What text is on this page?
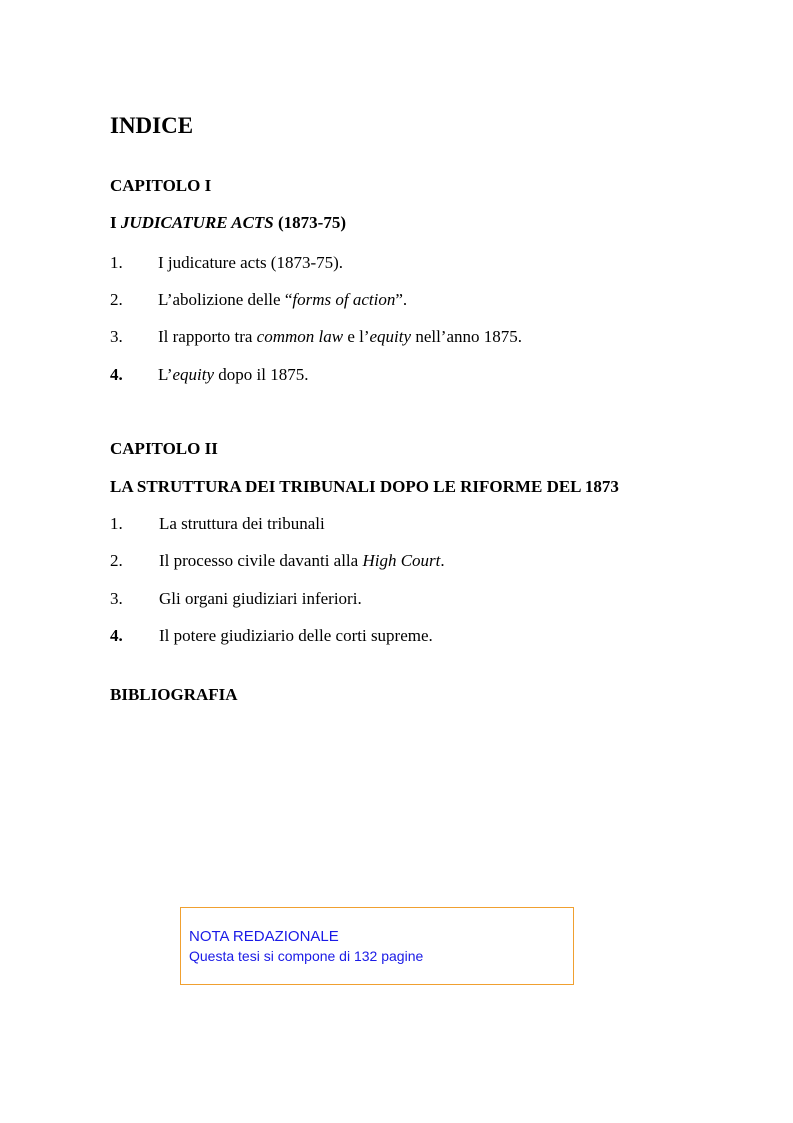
INDICE
CAPITOLO I
I JUDICATURE ACTS (1873-75)
1.	I judicature acts (1873-75).
2.	L’abolizione delle “forms of action”.
3.	Il rapporto tra common law e l’equity nell’anno 1875.
4.	L’equity dopo il 1875.
CAPITOLO II
LA STRUTTURA DEI TRIBUNALI DOPO LE RIFORME DEL 1873
1.	La struttura dei tribunali
2.	Il processo civile davanti alla High Court.
3.	Gli organi giudiziari inferiori.
4.	Il potere giudiziario delle corti supreme.
BIBLIOGRAFIA
NOTA REDAZIONALE
Questa tesi si compone di 132 pagine
